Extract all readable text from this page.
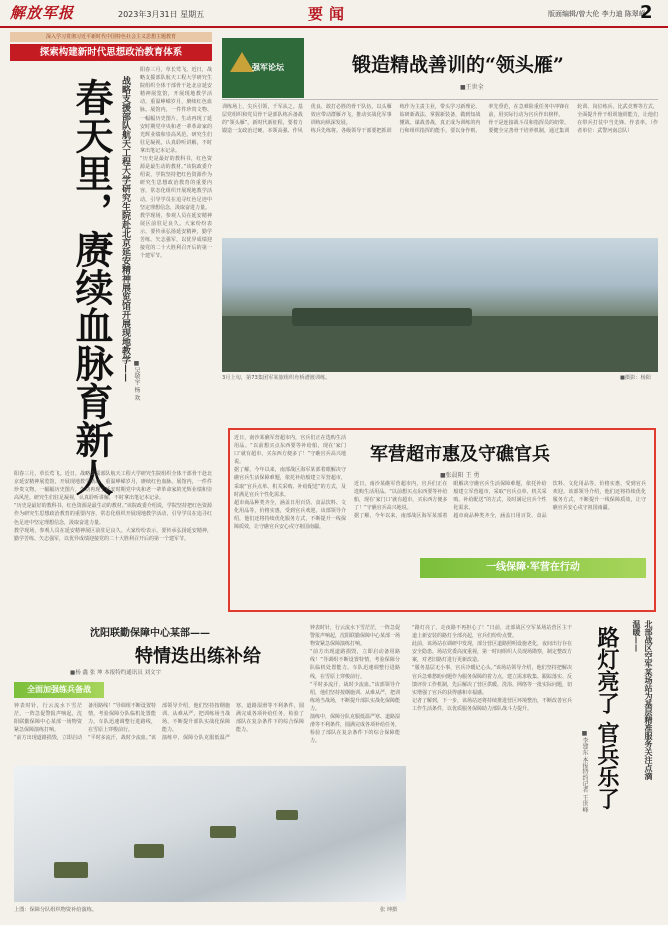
解放军报	2023年3月31日 星期五	要闻	版面编辑/曾大伦 李力迪 陈翠峰
2
深入学习贯彻习近平新时代中国特色社会主义思想主题教育
探索构建新时代思想政治教育体系
战略支援部队航天工程大学研究生院赴北京延安精神展览馆开展现地教学——
春天里，赓续血脉育新人	■吴敬宇 杨 欢
阳春三月，草长莺飞。近日，战略支援部队航天工程大学研究生院组织全体干部骨干赴北京延安精神展览馆，开展现地教学活动，重温峥嵘岁月，赓续红色血脉。展馆内，一件件珍贵文物、一幅幅历史图片，生动再现了延安时期党中央和老一辈革命家的光辉业绩和崇高风范。研究生们驻足凝视，认真聆听讲解，不时拿出笔记本记录。
“历史是最好的教科书，红色资源是最生动的教材。”该院政委介绍说，学院坚持把红色资源作为研究生思想政治教育的重要内容，常态化组织开展现地教学活动，引导学员在追寻红色足迹中坚定理想信念，汲取奋进力量。
教学现场，参观人员在延安精神展区前驻足良久。大家纷纷表示，要传承弘扬延安精神，勤学苦练、矢志强军，以优异成绩迎接党的二十大胜利召开后的第一个建军节。
阳春三月，草长莺飞。近日，战略支援部队航天工程大学研究生院组织全体干部骨干赴北京延安精神展览馆，开展现地教学活动，重温峥嵘岁月，赓续红色血脉。展馆内，一件件珍贵文物、一幅幅历史图片，生动再现了延安时期党中央和老一辈革命家的光辉业绩和崇高风范。研究生们驻足凝视，认真聆听讲解，不时拿出笔记本记录。
“历史是最好的教科书，红色资源是最生动的教材。”该院政委介绍说，学院坚持把红色资源作为研究生思想政治教育的重要内容，常态化组织开展现地教学活动，引导学员在追寻红色足迹中坚定理想信念，汲取奋进力量。
教学现场，参观人员在延安精神展区前驻足良久。大家纷纷表示，要传承弘扬延安精神，勤学苦练、矢志强军，以优异成绩迎接党的二十大胜利召开后的第一个建军节。
强军论坛	锻造精战善训的“领头雁”
■王世全
训练场上，尖兵引领，千军从之。基层党组织和党员骨干是部队练兵备战的“领头雁”。新时代新征程，要着力锻造一支政治过硬、本领高强、作风优良、敢打必胜的骨干队伍，以头雁效应带动群雁齐飞，推动实战化军事训练向纵深发展。
练兵先练将。各级领导干部要把抓训练作为主责主业，带头学习新理论、钻研新战法、掌握新装备，做到知战懂战、谋战善战，真正成为训练的内行和组织指挥的能手。要以身作则、率先垂范，在急难险重任务中冲锋在前，用实际行动为官兵作出榜样。
骨干是连接战斗员和指挥员的纽带。要健全完善骨干培养机制，通过集训轮训、岗位练兵、比武竞赛等方式，全面提升骨干组训施训能力，让他们在带兵打仗中当先锋、作表率。（作者单位：武警河南总队）
3月上旬，第73集团军某旅组织舟桥漕渡训练。	■摄影：杨阳
近日，南沙某礁军营超市内，官兵们正在选购生活用品。“以前想买点东西要等补给船，现在‘家门口’就有超市，买东西方便多了！”守礁官兵高兴地说。
据了解，今年以来，南部战区海军某部着眼解决守礁官兵生活保障难题，依托补给船建立军营超市，采取“官兵点单、机关采购、补给配送”的方式，及时满足官兵个性化需求。
超市商品种类齐全，涵盖日用百货、食品饮料、文化用品等，价格实惠，受到官兵欢迎。该部领导介绍，他们还将持续优化服务方式，不断提升一线保障质效，让守礁官兵安心戍守祖国南疆。
军营超市惠及守礁官兵
■张晨阳 王 勇
近日，南沙某礁军营超市内，官兵们正在选购生活用品。“以前想买点东西要等补给船，现在‘家门口’就有超市，买东西方便多了！”守礁官兵高兴地说。
据了解，今年以来，南部战区海军某部着眼解决守礁官兵生活保障难题，依托补给船建立军营超市，采取“官兵点单、机关采购、补给配送”的方式，及时满足官兵个性化需求。
超市商品种类齐全，涵盖日用百货、食品饮料、文化用品等，价格实惠，受到官兵欢迎。该部领导介绍，他们还将持续优化服务方式，不断提升一线保障质效，让守礁官兵安心戍守祖国南疆。
一线保障·军营在行动
沈阳联勤保障中心某部——
特情迭出练补给
■杨 鑫 张 坤 本报特约通讯员 刘文宇
全面加强练兵备战
钟表时针，行云流水下雪茫茫，一阵急促警报声响起，沈阳联勤保障中心某部一场物资紧急保障演练打响。
“前方出现道路损毁，立即启动备用路线！”导调组不断设置特情，考验保障分队临机处置能力。车队迅速调整行进路线，在雪原上穿梭前行。
“平时多流汗，战时少流血。”该部领导介绍，他们坚持按纲施训、从难从严，把训练场当战场，不断提升部队实战化保障能力。
演练中，保障分队克服低温严寒、道路湿滑等不利条件，圆满完成各项补给任务，检验了部队在复杂条件下的综合保障能力。
钟表时针，行云流水下雪茫茫，一阵急促警报声响起，沈阳联勤保障中心某部一场物资紧急保障演练打响。
“前方出现道路损毁，立即启动备用路线！”导调组不断设置特情，考验保障分队临机处置能力。车队迅速调整行进路线，在雪原上穿梭前行。
“平时多流汗，战时少流血。”该部领导介绍，他们坚持按纲施训、从难从严，把训练场当战场，不断提升部队实战化保障能力。
演练中，保障分队克服低温严寒、道路湿滑等不利条件，圆满完成各项补给任务，检验了部队在复杂条件下的综合保障能力。
上图：保障分队组织物资补给演练。	张 坤摄
“路灯亮了，走夜路不再担心了！”日前，北部战区空军某场站营区主干道上新安装的路灯全部亮起，官兵们纷纷点赞。
此前，该场站在调研中发现，部分营区道路照明设施老化，夜间出行存在安全隐患。场站党委高度重视，第一时间组织人员现场勘察，制定整改方案，对老旧路灯进行更新改造。
“服务基层无小事，官兵冷暖记心头。”该场站领导介绍，他们坚持把解决官兵急难愁盼问题作为服务保障的着力点，建立需求收集、跟踪落实、反馈评价工作机制，先后解决了营区供暖、洗浴、网络等一批实际问题，切实增强了官兵的获得感和幸福感。
记者了解到，下一步，该场站还将持续推进营区环境整治，不断改善官兵工作生活条件，以优质服务保障助力部队战斗力提升。	北部战区空军某场站为基层精准服务关注点滴温暖——
路灯亮了 官兵乐了
■李建东 本报特约记者 王世峰
